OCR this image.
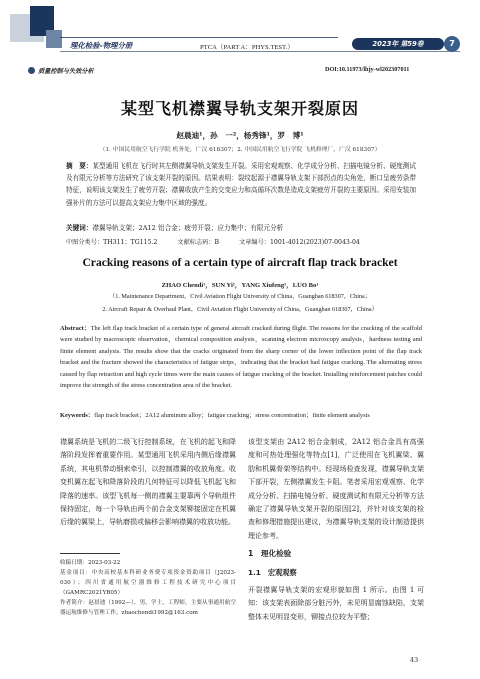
理化检验-物理分册	PTCA（PART A：PHYS.TEST.）	2023年 第59卷	7
质量控制与失效分析	DOI:10.11973/lhjy-wl202307011
某型飞机襟翼导轨支架开裂原因
赵晨迪¹，孙　一²，杨秀锋¹，罗　博¹
（1. 中国民用航空飞行学院 机务处，广汉 618307；2. 中国民用航空飞行学院 飞机修理厂，广汉 618307）
摘　要：某型通用飞机在飞行时其左侧襟翼导轨支架发生开裂。采用宏观观察、化学成分分析、扫描电镜分析、硬度测试及有限元分析等方法研究了该支架开裂的原因。结果表明：裂纹起源于襟翼导轨支架下部拐点的尖角处，断口呈疲劳条带特征，说明该支架发生了疲劳开裂；襟翼收放产生的交变应力和高循环次数是造成支架疲劳开裂的主要原因。采用安装加强补片的方法可以提高支架应力集中区域的强度。
关键词：襟翼导轨支架；2A12 铝合金；疲劳开裂；应力集中；有限元分析
中图分类号：TH311；TG115.2	文献标志码：B	文章编号：1001-4012(2023)07-0043-04
Cracking reasons of a certain type of aircraft flap track bracket
ZHAO Chendi¹，SUN Yi²，YANG Xiufeng¹，LUO Bo¹
（1. Maintenance Department，Civil Aviation Flight University of China，Guanghan 618307，China；
2. Aircraft Repair & Overhaul Plant，Civil Aviation Flight University of China，Guanghan 618307，China）
Abstract：The left flap track bracket of a certain type of general aircraft cracked during flight. The reasons for the cracking of the scaffold were studied by macroscopic observation，chemical composition analysis，scanning electron microscopy analysis，hardness testing and finite element analysis. The results show that the cracks originated from the sharp corner of the lower inflection point of the flap track bracket and the fracture showed the characteristics of fatigue strips，indicating that the bracket had fatigue cracking. The alternating stress caused by flap retraction and high cycle times were the main causes of fatigue cracking of the bracket. Installing reinforcement patches could improve the strength of the stress concentration area of the bracket.
Keywords：flap track bracket；2A12 aluminum alloy；fatigue cracking；stress concentration；finite element analysis
襟翼系统是飞机的二级飞行控制系统，在飞机的起飞和降落阶段发挥着重要作用。某型通用飞机采用内侧后缘襟翼系统，其电机带动钢索牵引，以控制襟翼的收放角度。收变机翼在起飞和降落阶段的几何特征可以降低飞机起飞和降落的速率。该型飞机每一侧的襟翼主要靠两个导轨组件保持固定，每一个导轨由两个前合金支架铆接固定在机翼后缘的翼梁上，导轨磨损或偏移会影响襟翼的收放功能。
该型支架由 2A12 铝合金制成，2A12 铝合金具有高强度和可热处理强化等特点[1]，广泛使用在飞机翼梁、翼肋和机翼骨架等结构中。经现场检查发现，襟翼导轨支架下部开裂，左侧襟翼发生卡阻。笔者采用宏观观察、化学成分分析、扫描电镜分析、硬度测试和有限元分析等方法确定了襟翼导轨支架开裂的原因[2]，并针对该支架的检查和修理措施提出建议，为襟翼导轨支架的设计制造提供理论参考。
1　理化检验
1.1　宏观观察
开裂襟翼导轨支架的宏观形貌如图 1 所示。由图 1 可知：该支架表面除部分脏污外，未见明显腐蚀缺陷，支架整体未见明显变形，铆接点位较为平整；
收稿日期：2023-03-22
基金项目：中央高校基本科研业务费专项资金资助项目（J2023-030）；四川省通用航空器维修工程技术研究中心项目（GAMRC2021YB05）
作者简介：赵晨迪（1992—），男，学士，工程师，主要从事通用航空器运航维修与管理工作，zhaochendi1992@163.com
43
